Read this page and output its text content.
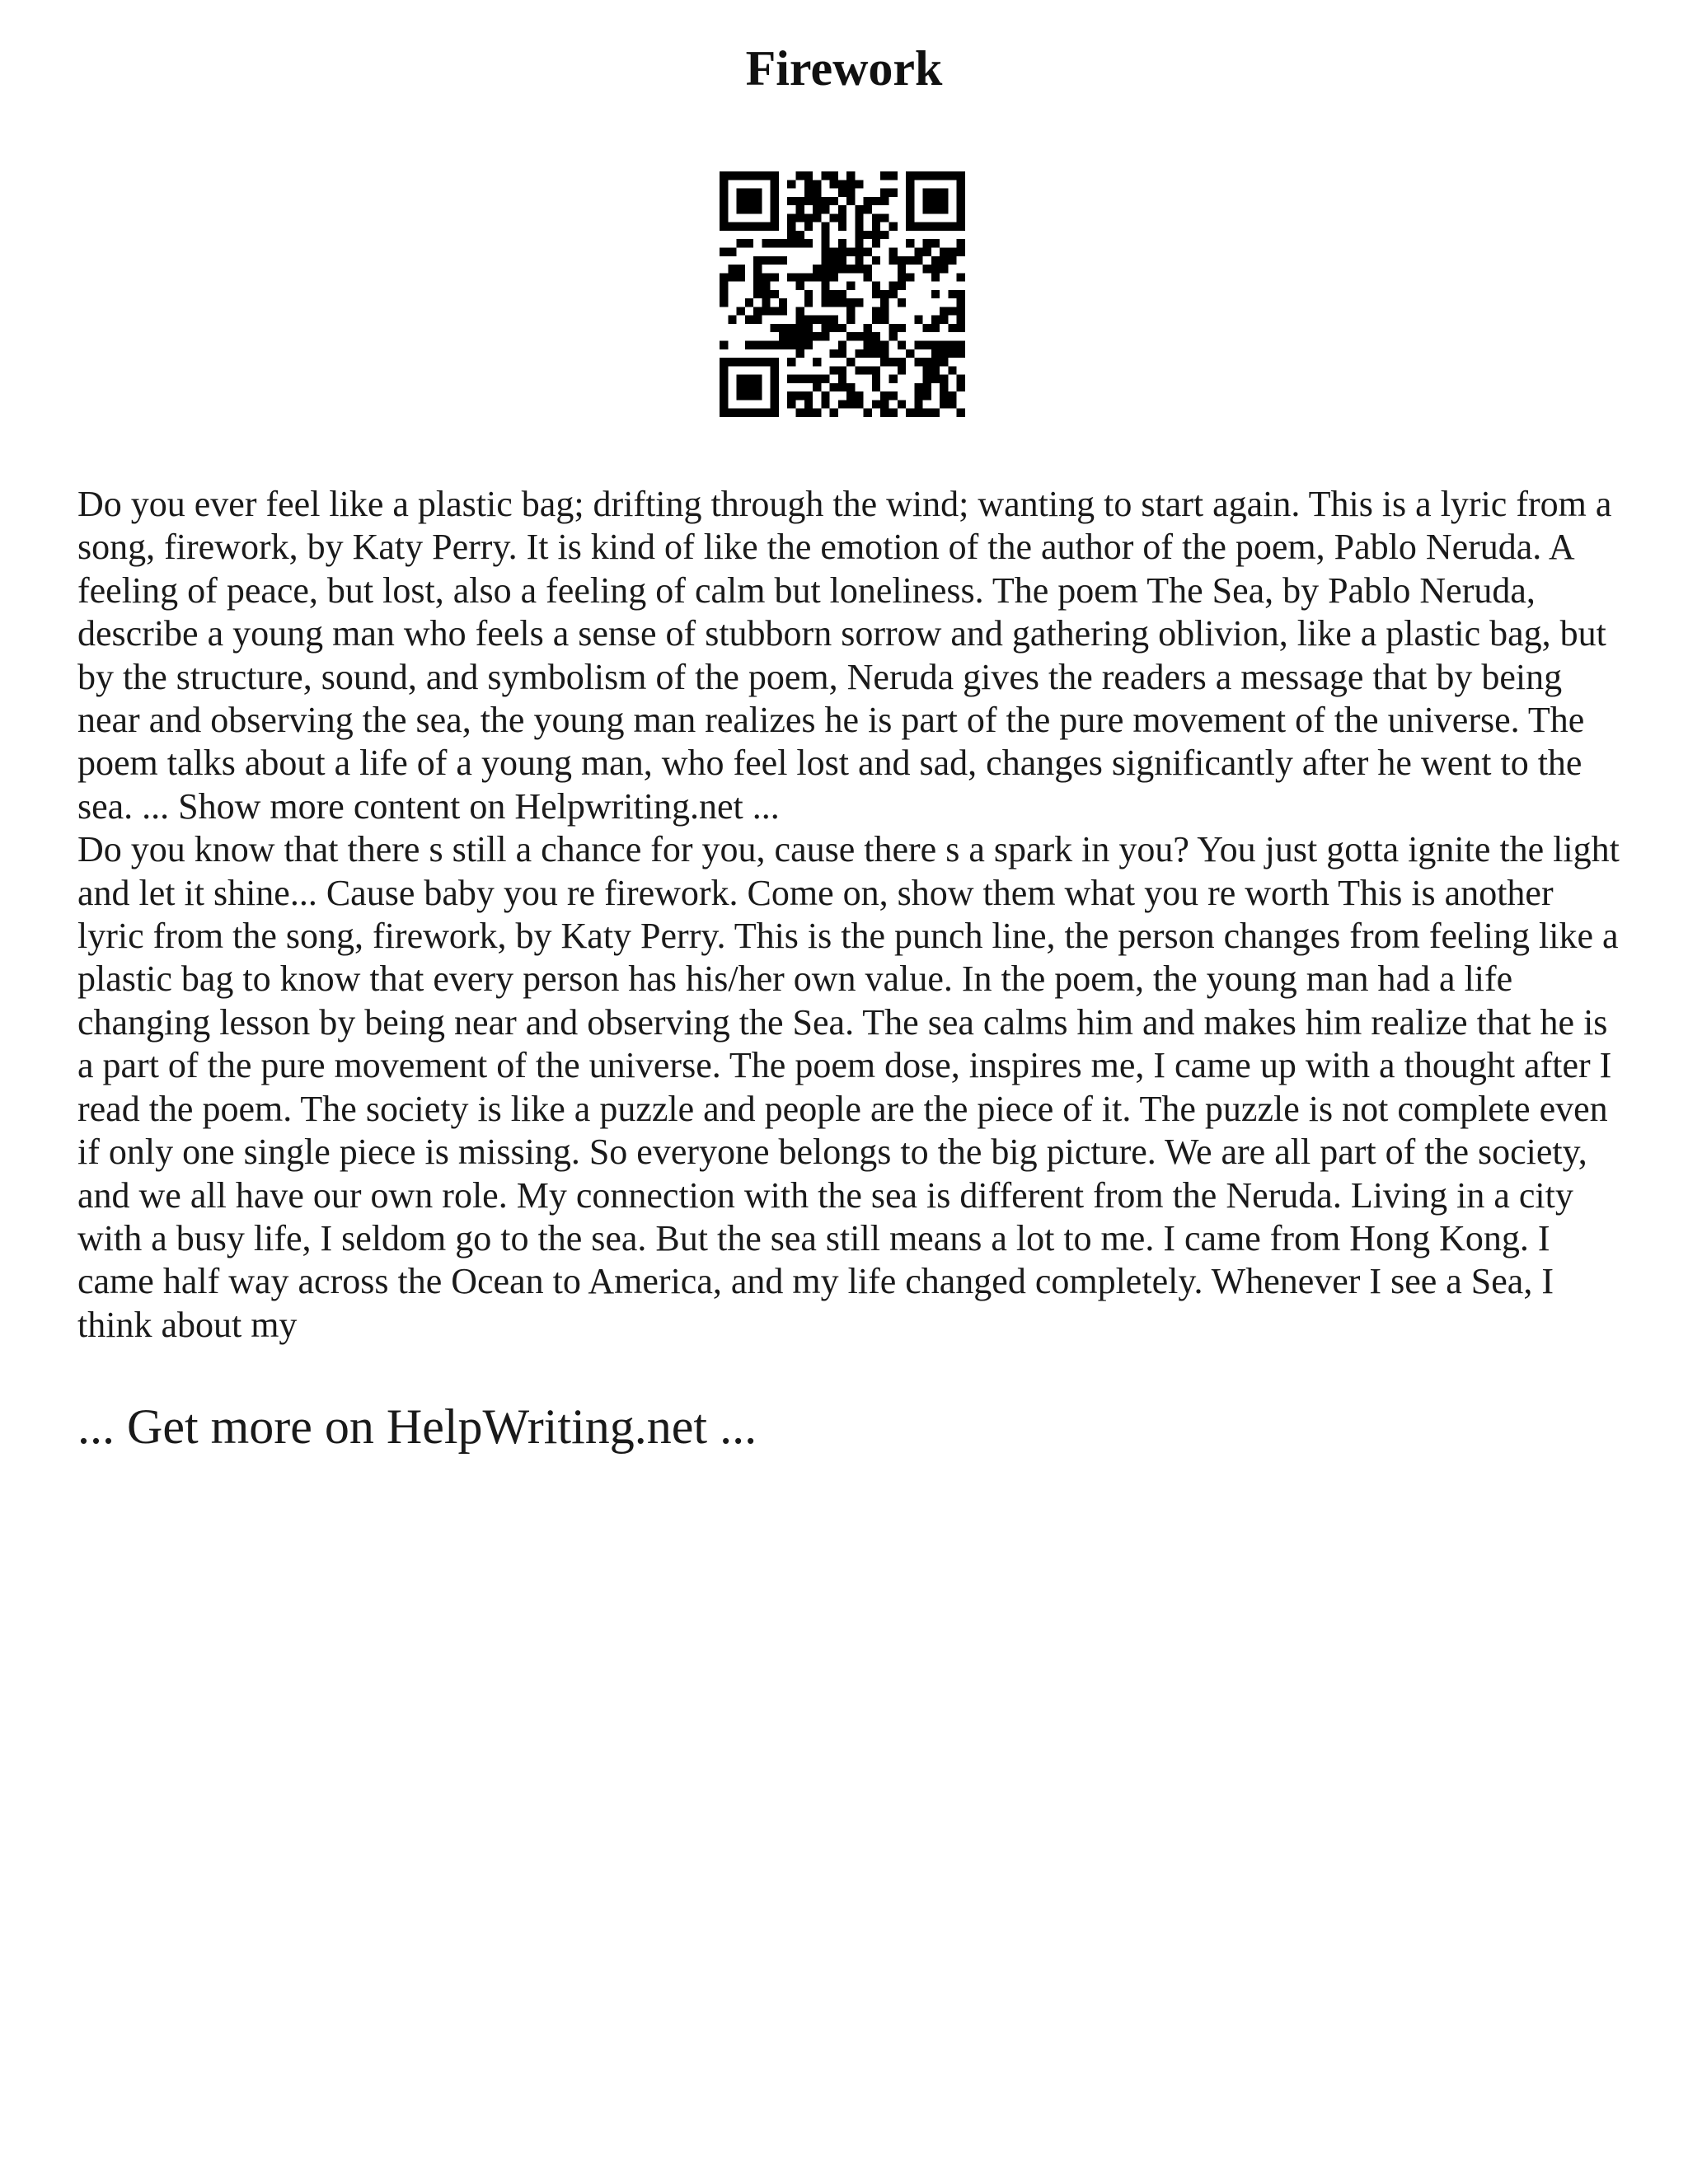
Firework

Do you ever feel like a plastic bag; drifting through the wind; wanting to start again. This is a lyric from a song, firework, by Katy Perry. It is kind of like the emotion of the author of the poem, Pablo Neruda. A feeling of peace, but lost, also a feeling of calm but loneliness. The poem The Sea, by Pablo Neruda, describe a young man who feels a sense of stubborn sorrow and gathering oblivion, like a plastic bag, but by the structure, sound, and symbolism of the poem, Neruda gives the readers a message that by being near and observing the sea, the young man realizes he is part of the pure movement of the universe. The poem talks about a life of a young man, who feel lost and sad, changes significantly after he went to the sea. ... Show more content on Helpwriting.net ...

Do you know that there s still a chance for you, cause there s a spark in you? You just gotta ignite the light and let it shine... Cause baby you re firework. Come on, show them what you re worth This is another lyric from the song, firework, by Katy Perry. This is the punch line, the person changes from feeling like a plastic bag to know that every person has his/her own value. In the poem, the young man had a life changing lesson by being near and observing the Sea. The sea calms him and makes him realize that he is a part of the pure movement of the universe. The poem dose, inspires me, I came up with a thought after I read the poem. The society is like a puzzle and people are the piece of it. The puzzle is not complete even if only one single piece is missing. So everyone belongs to the big picture. We are all part of the society, and we all have our own role. My connection with the sea is different from the Neruda. Living in a city with a busy life, I seldom go to the sea. But the sea still means a lot to me. I came from Hong Kong. I came half way across the Ocean to America, and my life changed completely. Whenever I see a Sea, I think about my

... Get more on HelpWriting.net ...
